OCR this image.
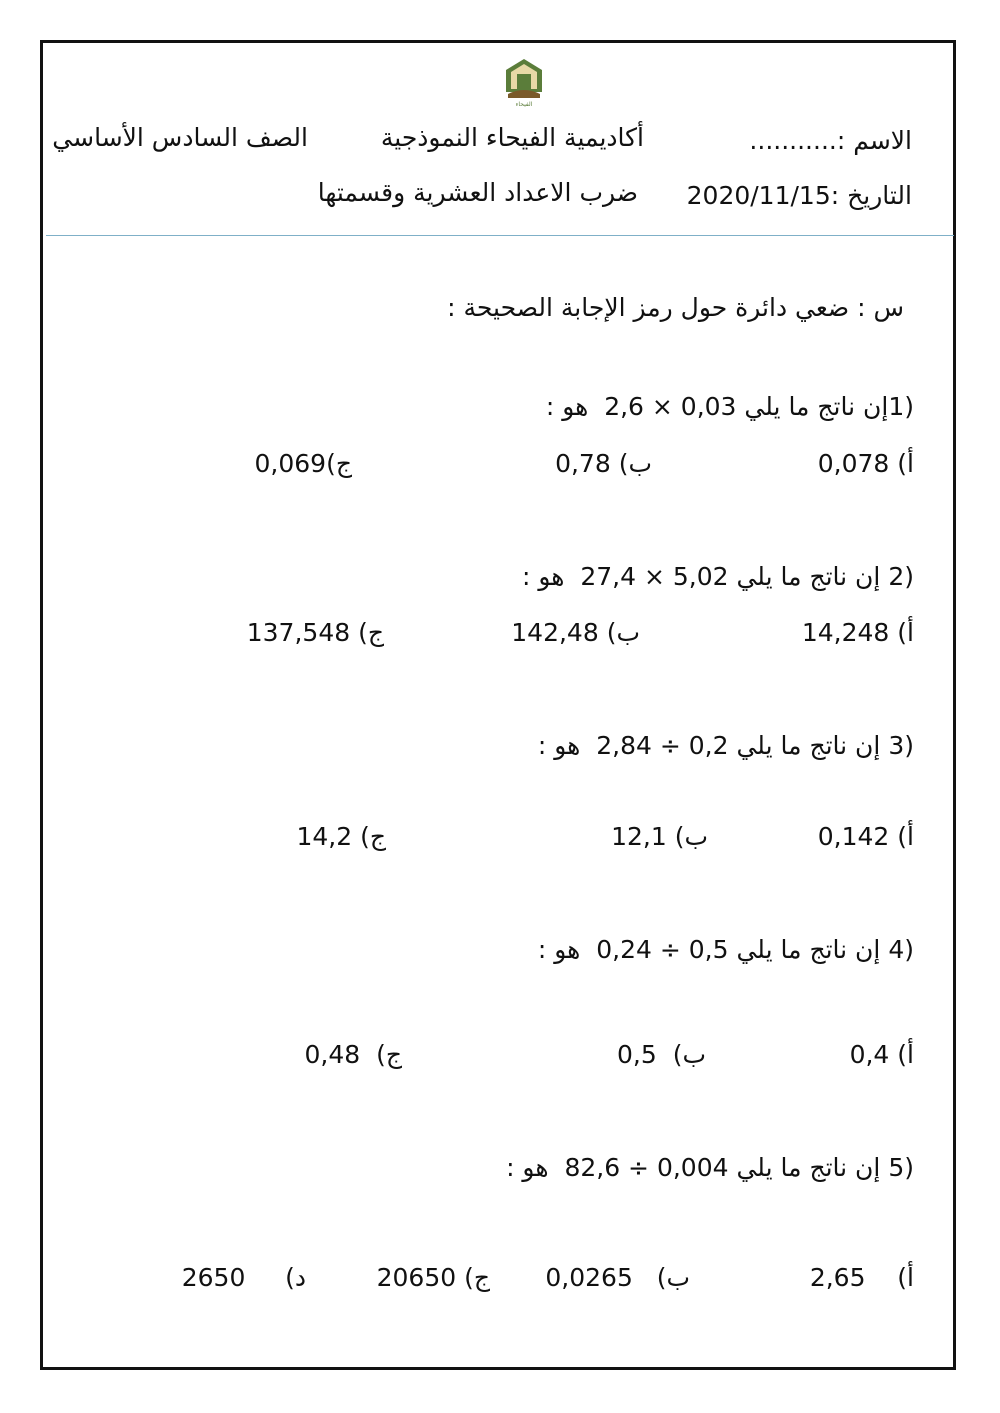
الفيحاء
الاسم :...........
أكاديمية الفيحاء النموذجية
الصف السادس الأساسي
2020/11/15التاريخ :
ضرب الاعداد العشرية وقسمتها
س : ضعي دائرة حول رمز الإجابة الصحيحة :
هو : 2,6 × 0,03 إن ناتج ما يلي1)
0,078 أ)
0,78 ب)
0,069ج)
هو : 27,4 × 5,02 إن ناتج ما يلي 2)
14,248 أ)
142,48 ب)
137,548 ج)
هو : 2,84 ÷ 0,2 إن ناتج ما يلي 3)
0,142 أ)
12,1 ب)
14,2 ج)
هو : 0,24 ÷ 0,5 إن ناتج ما يلي 4)
0,4 أ)
0,5 ب)
0,48 ج)
هو : 82,6 ÷ 0,004 إن ناتج ما يلي 5)
2,65 أ)
0,0265 ب)
20650 ج)
2650 د)
